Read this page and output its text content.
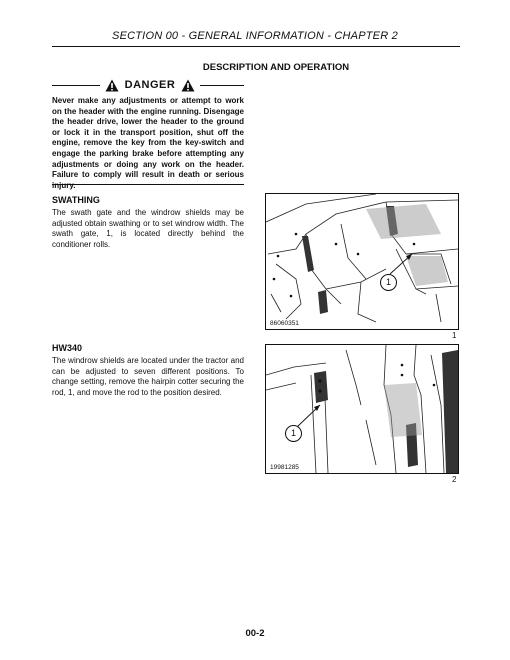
SECTION 00 - GENERAL INFORMATION - CHAPTER 2
DESCRIPTION AND OPERATION
DANGER
Never make any adjustments or attempt to work on the header with the engine running. Disengage the header drive, lower the header to the ground or lock it in the transport position, shut off the engine, remove the key from the key-switch and engage the parking brake before attempting any adjustments or doing any work on the header. Failure to comply will result in death or serious injury.
SWATHING
The swath gate and the windrow shields may be adjusted obtain swathing or to set windrow width. The swath gate, 1, is located directly behind the conditioner rolls.
1
86060351
1
HW340
The windrow shields are located under the tractor and can be adjusted to seven different positions. To change setting, remove the hairpin cotter securing the rod, 1, and move the rod to the position desired.
1
19981285
2
00-2
